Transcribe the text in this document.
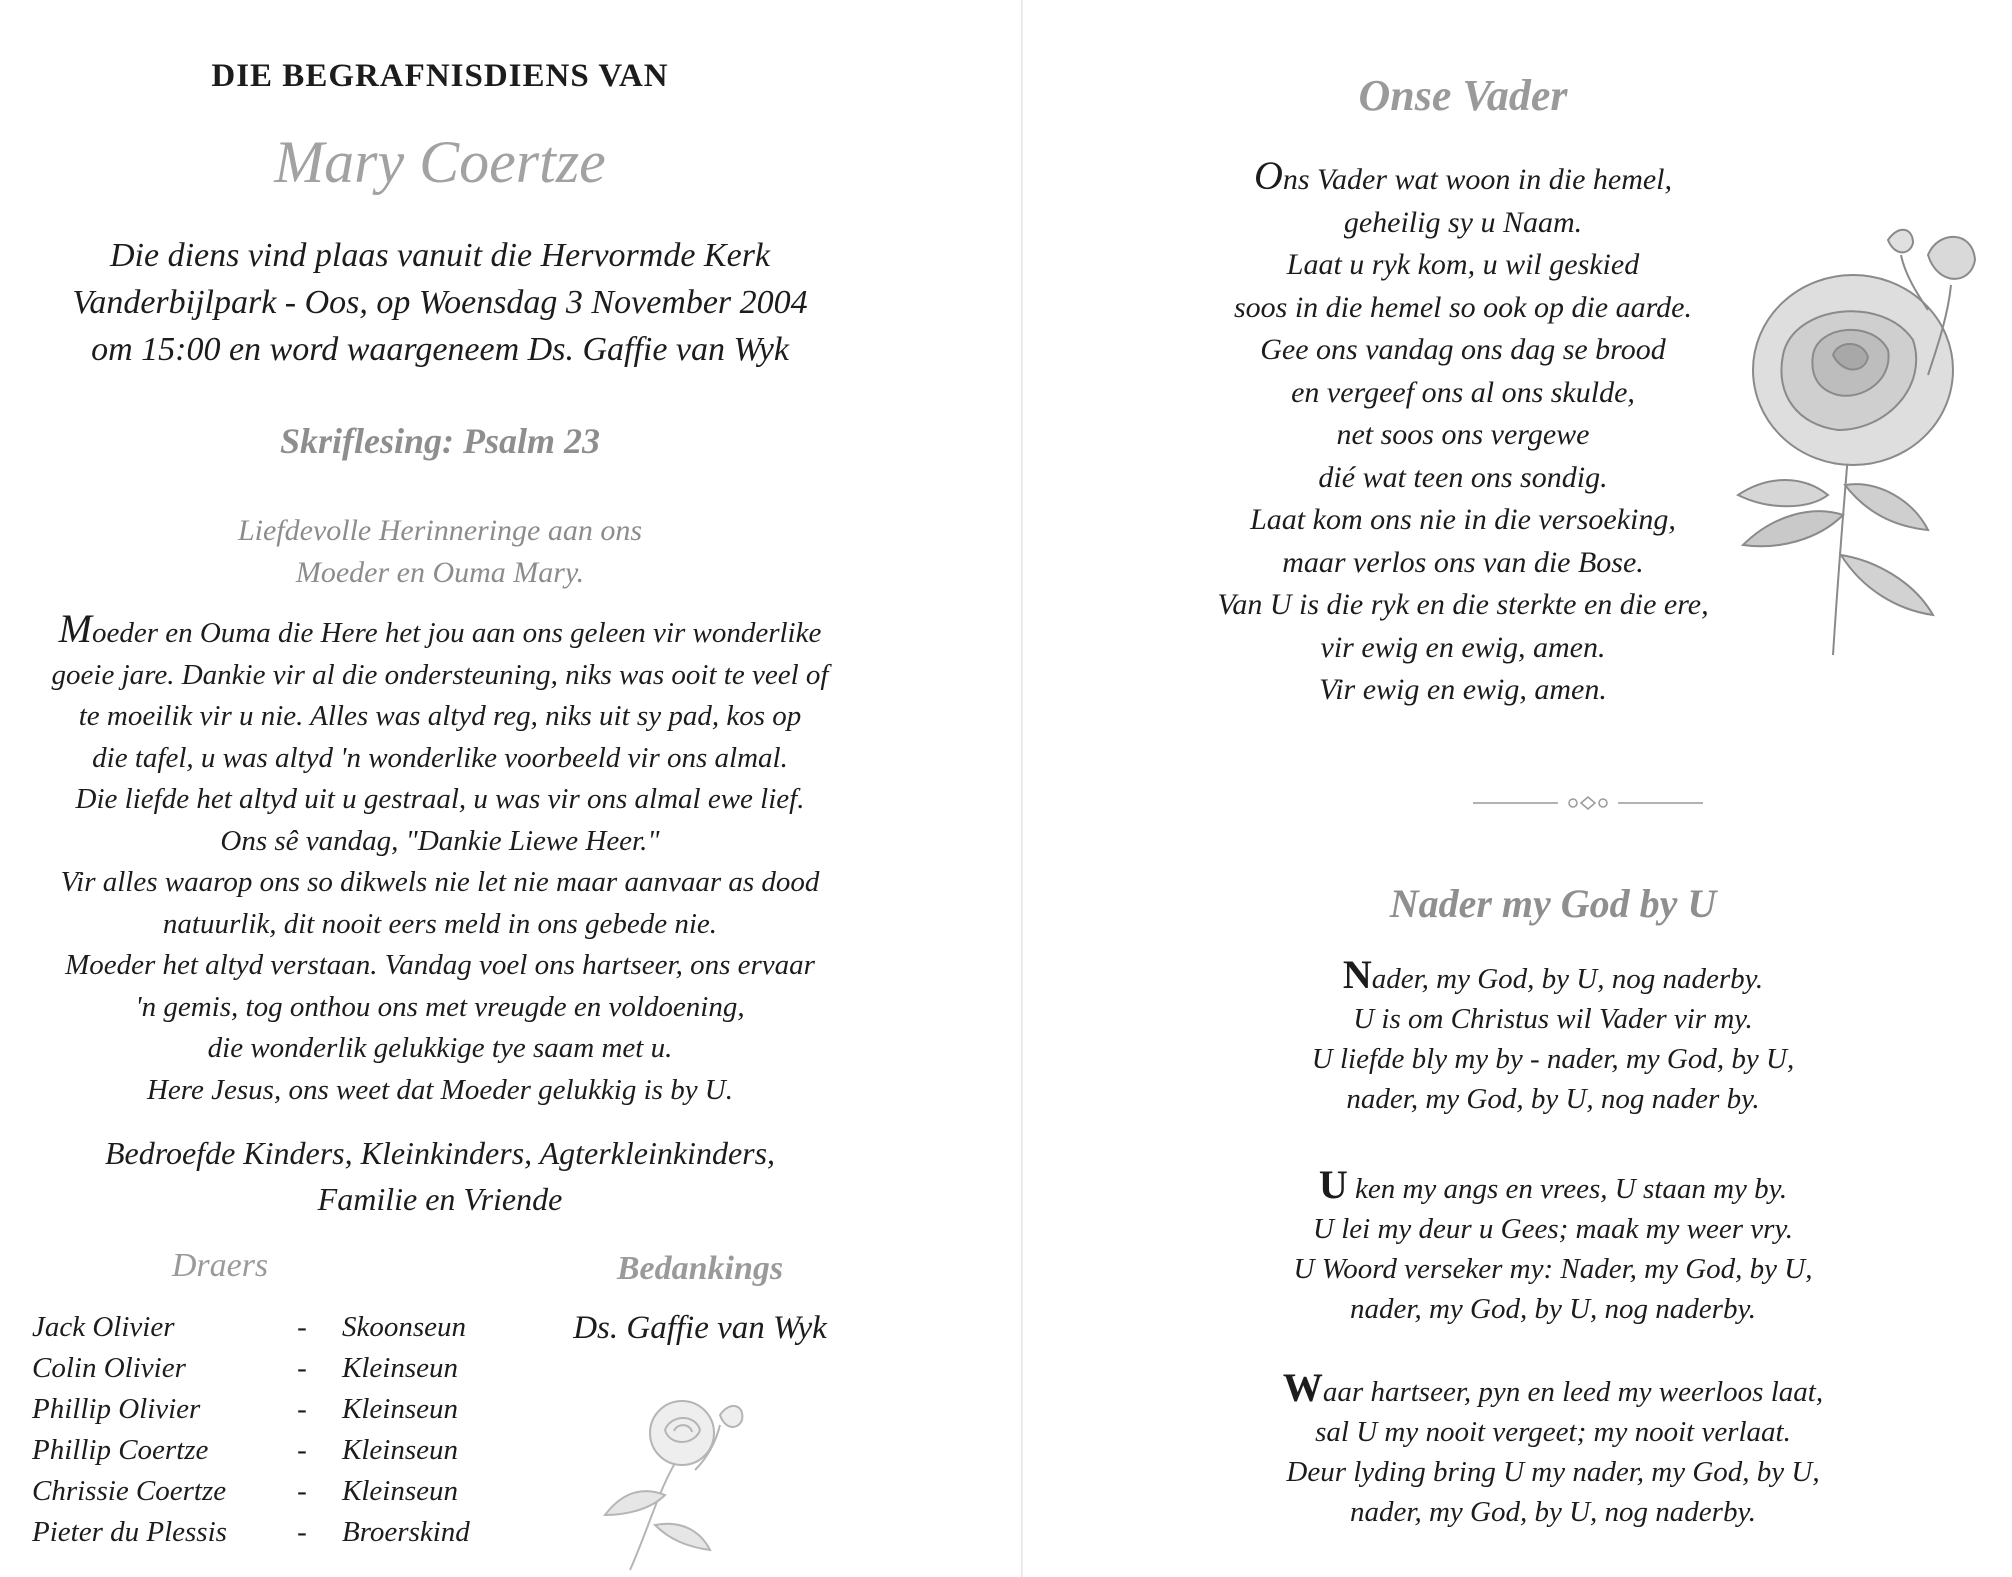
DIE BEGRAFNISDIENS VAN
Mary Coertze
Die diens vind plaas vanuit die Hervormde Kerk
Vanderbijlpark - Oos, op Woensdag 3 November 2004
om 15:00 en word waargeneem Ds. Gaffie van Wyk
Skriflesing: Psalm 23
Liefdevolle Herinneringe aan ons
Moeder en Ouma Mary.
Moeder en Ouma die Here het jou aan ons geleen vir wonderlike
goeie jare. Dankie vir al die ondersteuning, niks was ooit te veel of
te moeilik vir u nie. Alles was altyd reg, niks uit sy pad, kos op
die tafel, u was altyd 'n wonderlike voorbeeld vir ons almal.
Die liefde het altyd uit u gestraal, u was vir ons almal ewe lief.
Ons sê vandag, "Dankie Liewe Heer."
Vir alles waarop ons so dikwels nie let nie maar aanvaar as dood
natuurlik, dit nooit eers meld in ons gebede nie.
Moeder het altyd verstaan. Vandag voel ons hartseer, ons ervaar
'n gemis, tog onthou ons met vreugde en voldoening,
die wonderlik gelukkige tye saam met u.
Here Jesus, ons weet dat Moeder gelukkig is by U.
Bedroefde Kinders, Kleinkinders, Agterkleinkinders,
Familie en Vriende
Draers
Jack Olivier	-	Skoonseun
Colin Olivier	-	Kleinseun
Phillip Olivier	-	Kleinseun
Phillip Coertze	-	Kleinseun
Chrissie Coertze	-	Kleinseun
Pieter du Plessis	-	Broerskind
Bedankings
Ds. Gaffie van Wyk
Onse Vader
Ons Vader wat woon in die hemel,
geheilig sy u Naam.
Laat u ryk kom, u wil geskied
soos in die hemel so ook op die aarde.
Gee ons vandag ons dag se brood
en vergeef ons al ons skulde,
net soos ons vergewe
dié wat teen ons sondig.
Laat kom ons nie in die versoeking,
maar verlos ons van die Bose.
Van U is die ryk en die sterkte en die ere,
vir ewig en ewig, amen.
Vir ewig en ewig, amen.
Nader my God by U
Nader, my God, by U, nog naderby.
U is om Christus wil Vader vir my.
U liefde bly my by - nader, my God, by U,
nader, my God, by U, nog nader by.
U ken my angs en vrees, U staan my by.
U lei my deur u Gees; maak my weer vry.
U Woord verseker my: Nader, my God, by U,
nader, my God, by U, nog naderby.
Waar hartseer, pyn en leed my weerloos laat,
sal U my nooit vergeet; my nooit verlaat.
Deur lyding bring U my nader, my God, by U,
nader, my God, by U, nog naderby.
